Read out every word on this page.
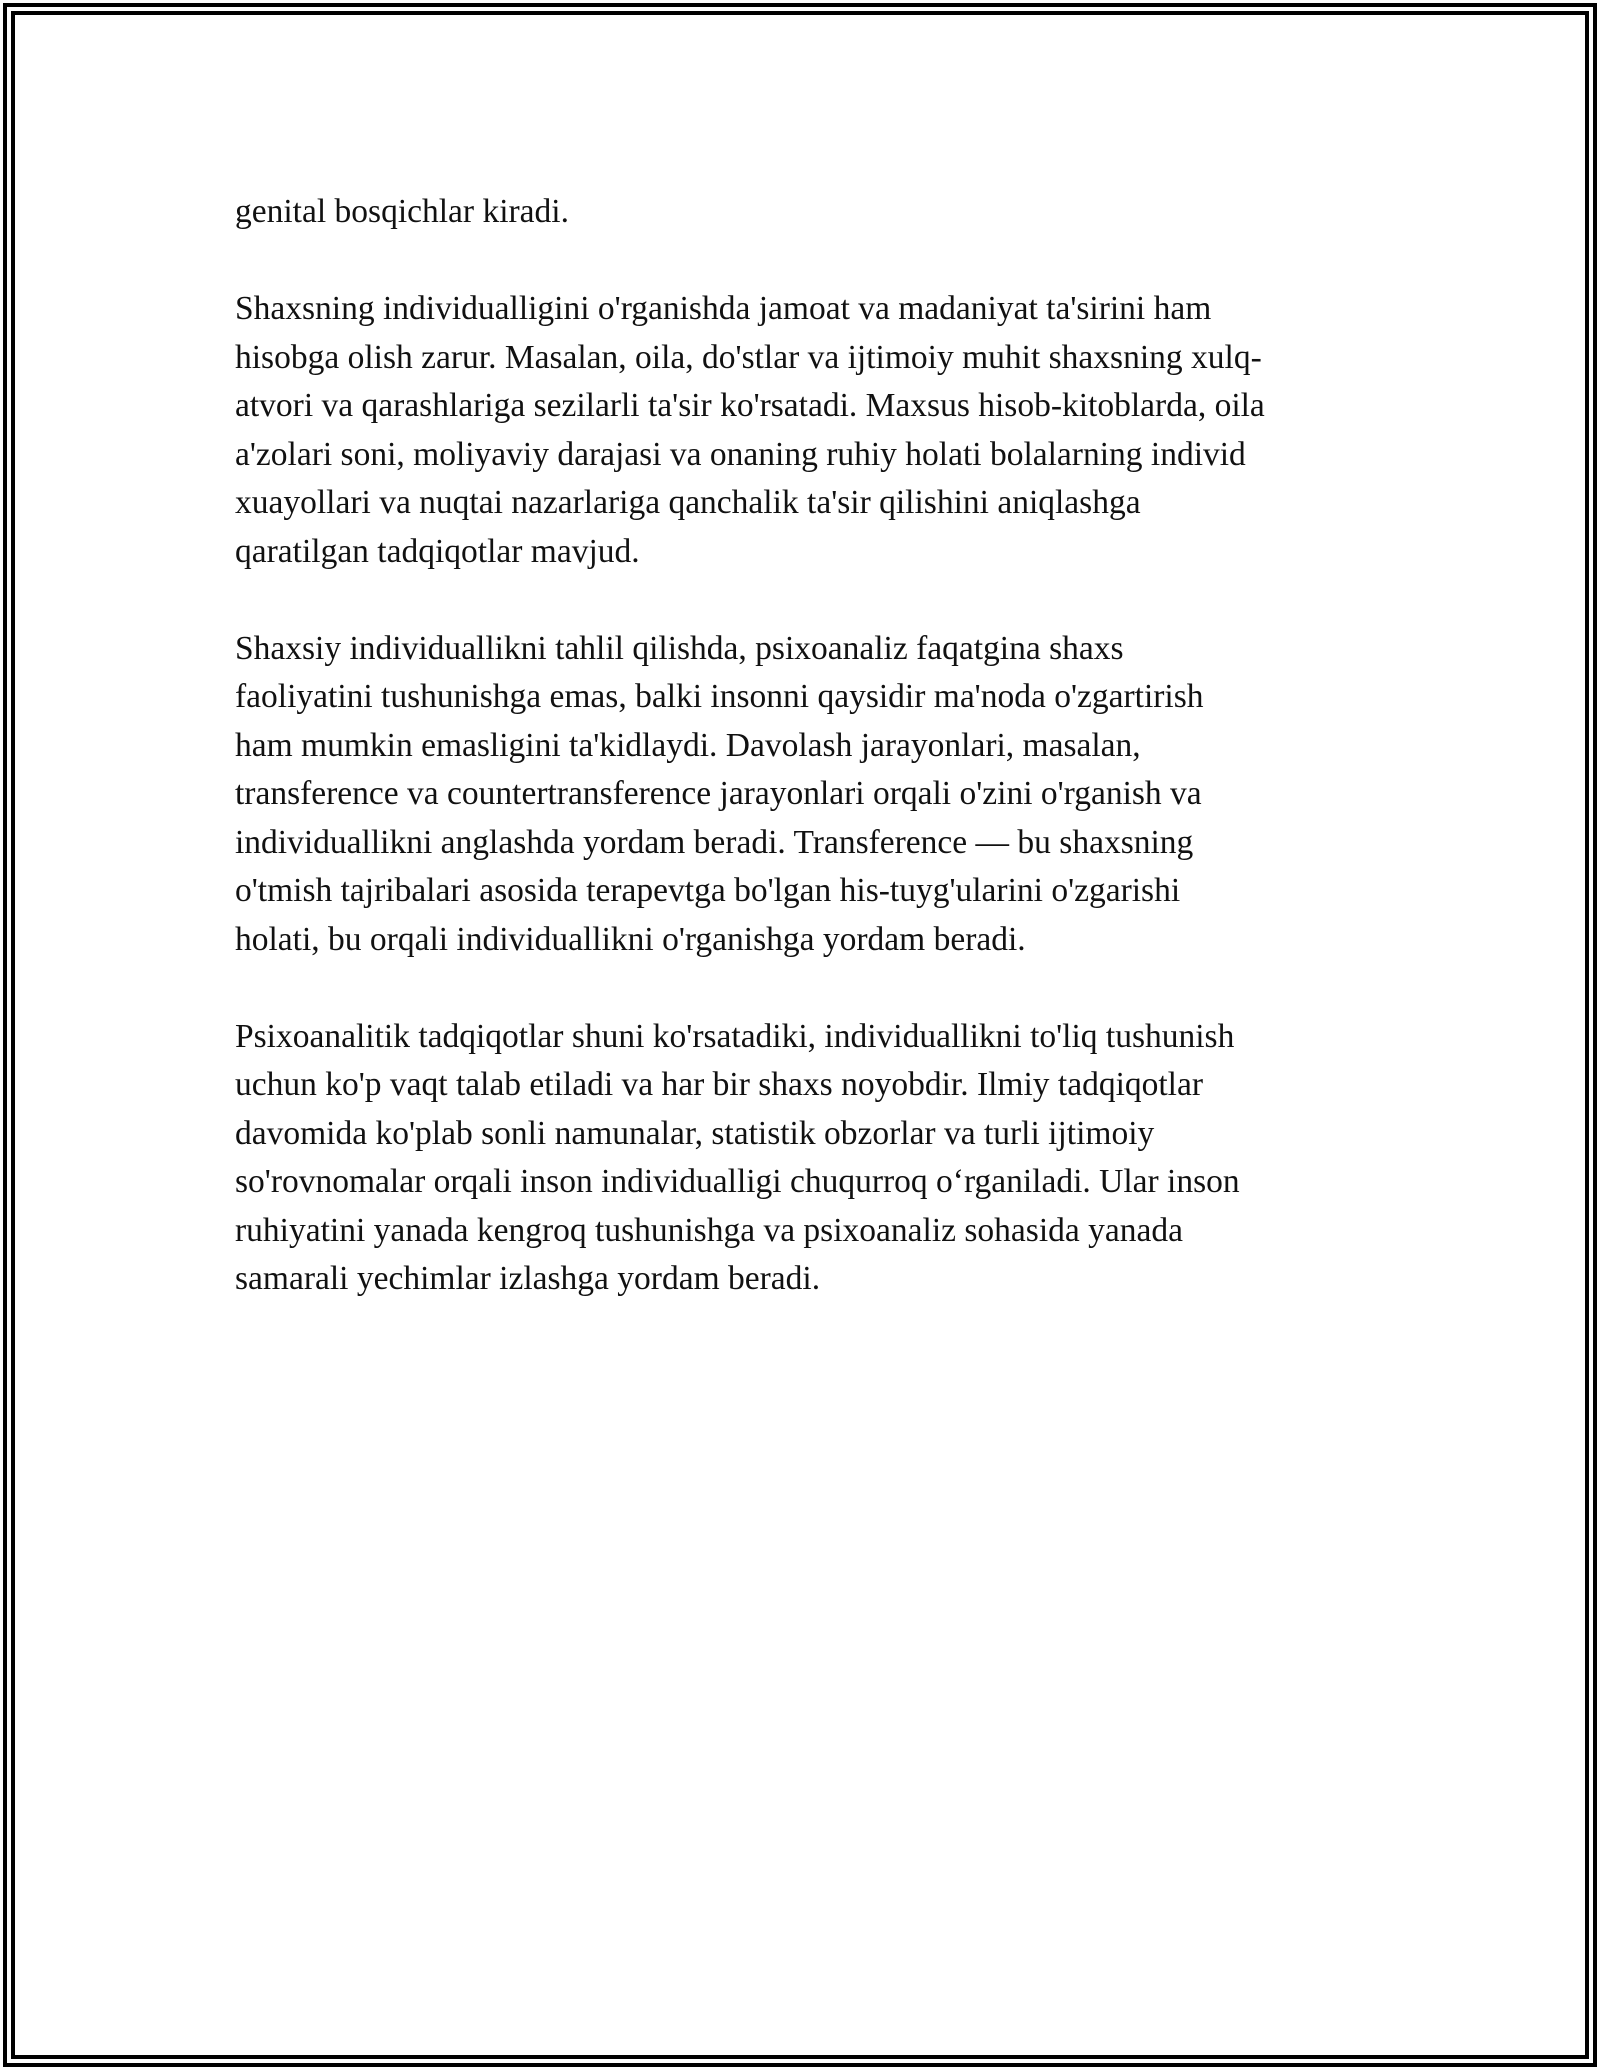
genital bosqichlar kiradi.

Shaxsning individualligini o'rganishda jamoat va madaniyat ta'sirini ham
hisobga olish zarur. Masalan, oila, do'stlar va ijtimoiy muhit shaxsning xulq-
atvori va qarashlariga sezilarli ta'sir ko'rsatadi. Maxsus hisob-kitoblarda, oila
a'zolari soni, moliyaviy darajasi va onaning ruhiy holati bolalarning individ
xuayollari va nuqtai nazarlariga qanchalik ta'sir qilishini aniqlashga
qaratilgan tadqiqotlar mavjud.

Shaxsiy individuallikni tahlil qilishda, psixoanaliz faqatgina shaxs
faoliyatini tushunishga emas, balki insonni qaysidir ma'noda o'zgartirish
ham mumkin emasligini ta'kidlaydi. Davolash jarayonlari, masalan,
transference va countertransference jarayonlari orqali o'zini o'rganish va
individuallikni anglashda yordam beradi. Transference — bu shaxsning
o'tmish tajribalari asosida terapevtga bo'lgan his-tuyg'ularini o'zgarishi
holati, bu orqali individuallikni o'rganishga yordam beradi.

Psixoanalitik tadqiqotlar shuni ko'rsatadiki, individuallikni to'liq tushunish
uchun ko'p vaqt talab etiladi va har bir shaxs noyobdir. Ilmiy tadqiqotlar
davomida ko'plab sonli namunalar, statistik obzorlar va turli ijtimoiy
so'rovnomalar orqali inson individualligi chuqurroq o‘rganiladi. Ular inson
ruhiyatini yanada kengroq tushunishga va psixoanaliz sohasida yanada
samarali yechimlar izlashga yordam beradi.
